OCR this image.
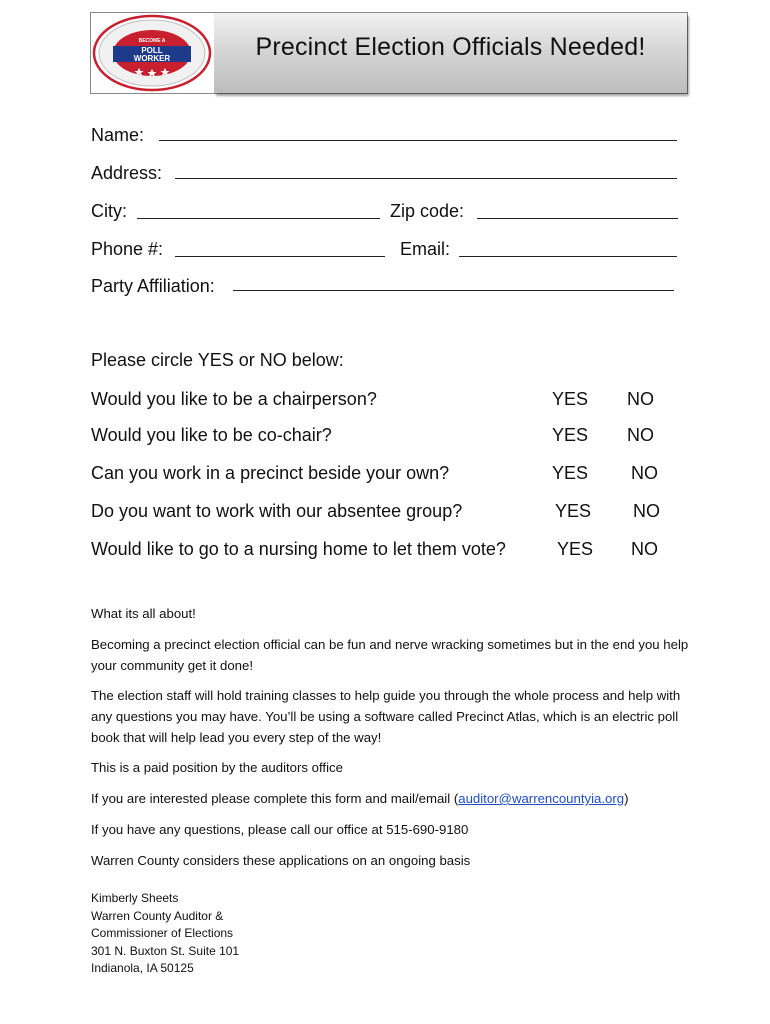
BECOME A
POLL
WORKER	Precinct Election Officials Needed!
Name:
Address:
City:	Zip code:
Phone #:	Email:
Party Affiliation:
Please circle YES or NO below:
Would you like to be a chairperson?	YES NO
Would you like to be co-chair?	YES NO
Can you work in a precinct beside your own?	YES NO
Do you want to work with our absentee group?	YES NO
Would like to go to a nursing home to let them vote?	YES NO
What its all about!
Becoming a precinct election official can be fun and nerve wracking sometimes but in the end you help your community get it done!
The election staff will hold training classes to help guide you through the whole process and help with any questions you may have. You’ll be using a software called Precinct Atlas, which is an electric poll book that will help lead you every step of the way!
This is a paid position by the auditors office
If you are interested please complete this form and mail/email (auditor@warrencountyia.org)
If you have any questions, please call our office at 515-690-9180
Warren County considers these applications on an ongoing basis
Kimberly Sheets
Warren County Auditor &
Commissioner of Elections
301 N. Buxton St. Suite 101
Indianola, IA 50125
